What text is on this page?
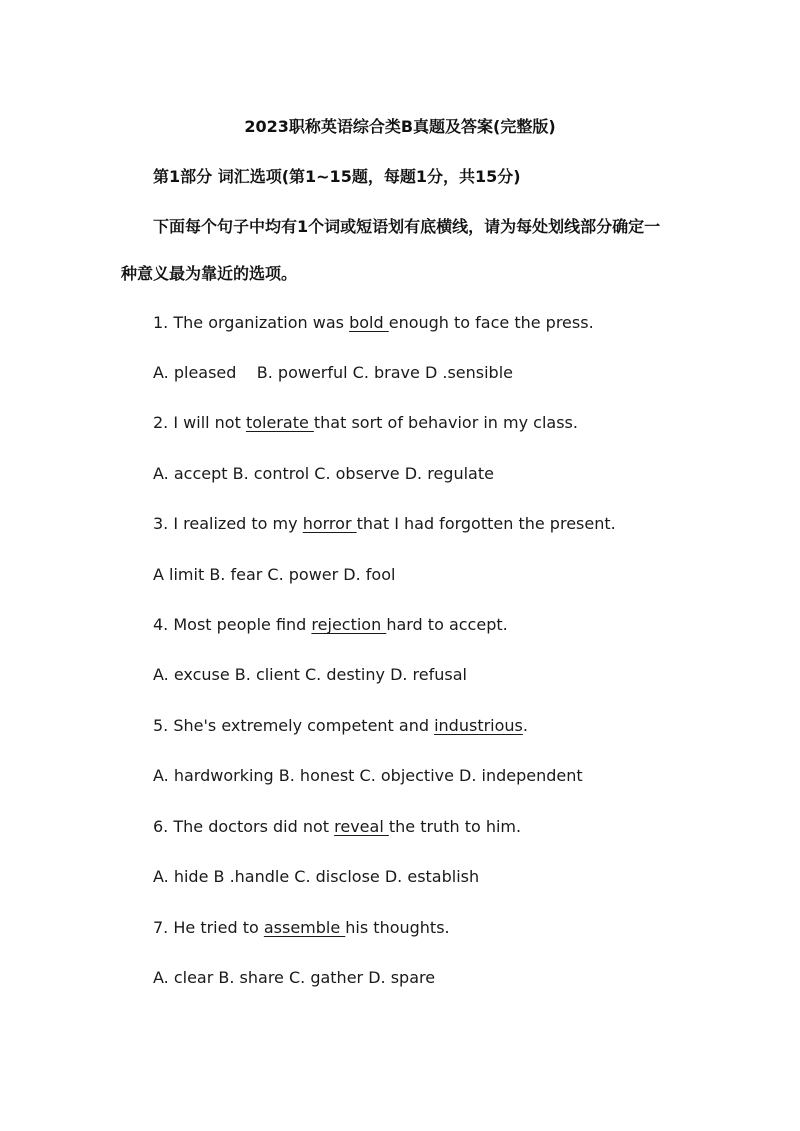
2023职称英语综合类B真题及答案(完整版)
第1部分 词汇选项(第1~15题，每题1分，共15分)
下面每个句子中均有1个词或短语划有底横线，请为每处划线部分确定一
种意义最为靠近的选项。
1. The organization was bold enough to face the press.
A. pleased    B. powerful C. brave D .sensible
2. I will not tolerate that sort of behavior in my class.
A. accept B. control C. observe D. regulate
3. I realized to my horror that I had forgotten the present.
A limit B. fear C. power D. fool
4. Most people find rejection hard to accept.
A. excuse B. client C. destiny D. refusal
5. She's extremely competent and industrious.
A. hardworking B. honest C. objective D. independent
6. The doctors did not reveal the truth to him.
A. hide B .handle C. disclose D. establish
7. He tried to assemble his thoughts.
A. clear B. share C. gather D. spare
